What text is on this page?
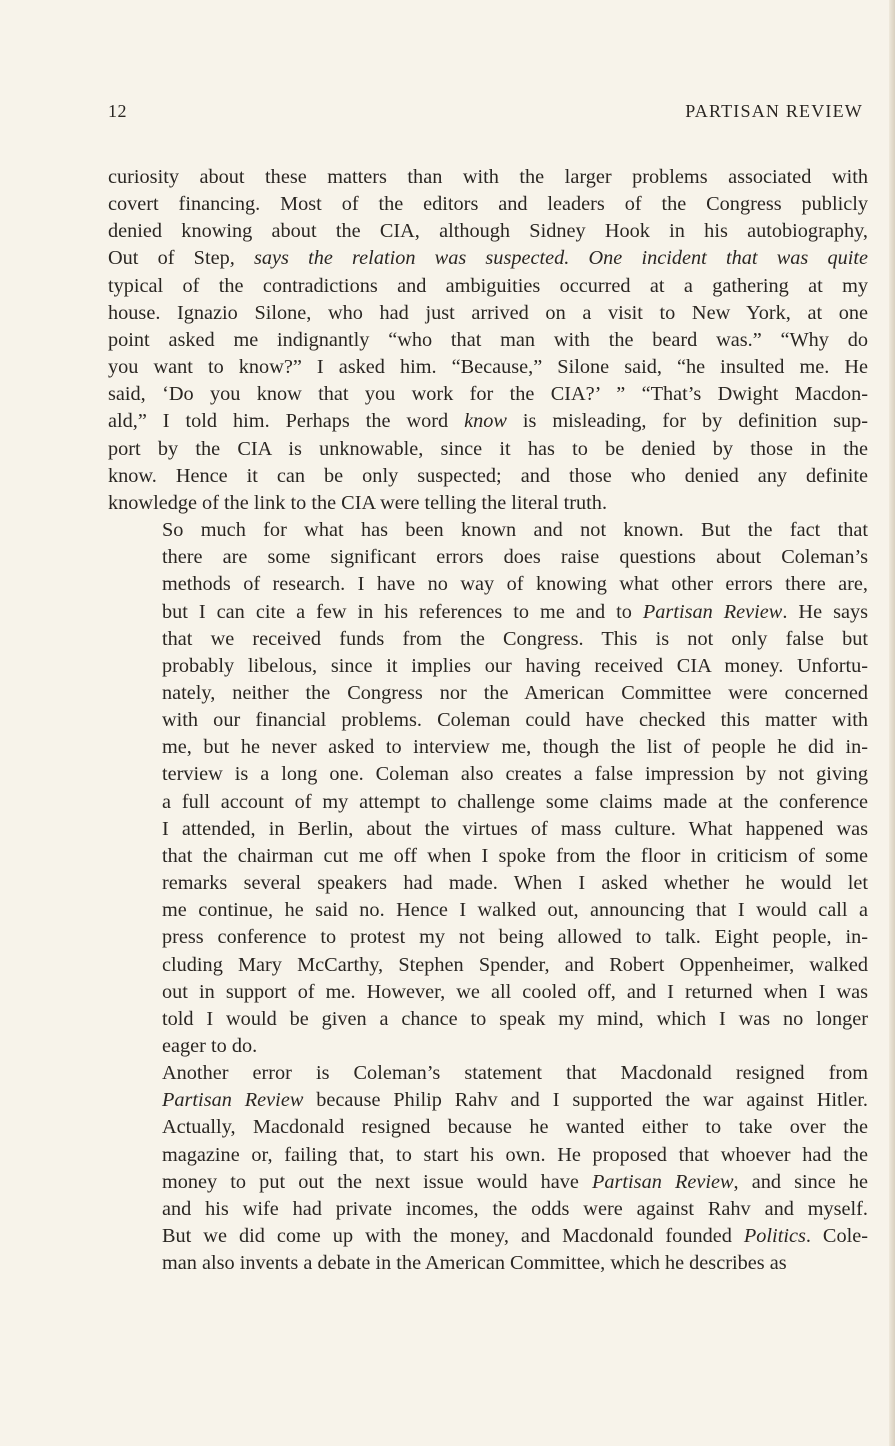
12	PARTISAN REVIEW

curiosity about these matters than with the larger problems associated with
covert financing. Most of the editors and leaders of the Congress publicly
denied knowing about the CIA, although Sidney Hook in his autobiography,
Out of Step, says the relation was suspected. One incident that was quite
typical of the contradictions and ambiguities occurred at a gathering at my
house. Ignazio Silone, who had just arrived on a visit to New York, at one
point asked me indignantly “who that man with the beard was.” “Why do
you want to know?” I asked him. “Because,” Silone said, “he insulted me. He
said, ‘Do you know that you work for the CIA?’ ” “That’s Dwight Macdon-
ald,” I told him. Perhaps the word know is misleading, for by definition sup-
port by the CIA is unknowable, since it has to be denied by those in the
know. Hence it can be only suspected; and those who denied any definite
knowledge of the link to the CIA were telling the literal truth.

So much for what has been known and not known. But the fact that
there are some significant errors does raise questions about Coleman’s
methods of research. I have no way of knowing what other errors there are,
but I can cite a few in his references to me and to Partisan Review. He says
that we received funds from the Congress. This is not only false but
probably libelous, since it implies our having received CIA money. Unfortu-
nately, neither the Congress nor the American Committee were concerned
with our financial problems. Coleman could have checked this matter with
me, but he never asked to interview me, though the list of people he did in-
terview is a long one. Coleman also creates a false impression by not giving
a full account of my attempt to challenge some claims made at the conference
I attended, in Berlin, about the virtues of mass culture. What happened was
that the chairman cut me off when I spoke from the floor in criticism of some
remarks several speakers had made. When I asked whether he would let
me continue, he said no. Hence I walked out, announcing that I would call a
press conference to protest my not being allowed to talk. Eight people, in-
cluding Mary McCarthy, Stephen Spender, and Robert Oppenheimer, walked
out in support of me. However, we all cooled off, and I returned when I was
told I would be given a chance to speak my mind, which I was no longer
eager to do.

Another error is Coleman’s statement that Macdonald resigned from
Partisan Review because Philip Rahv and I supported the war against Hitler.
Actually, Macdonald resigned because he wanted either to take over the
magazine or, failing that, to start his own. He proposed that whoever had the
money to put out the next issue would have Partisan Review, and since he
and his wife had private incomes, the odds were against Rahv and myself.
But we did come up with the money, and Macdonald founded Politics. Cole-
man also invents a debate in the American Committee, which he describes as
